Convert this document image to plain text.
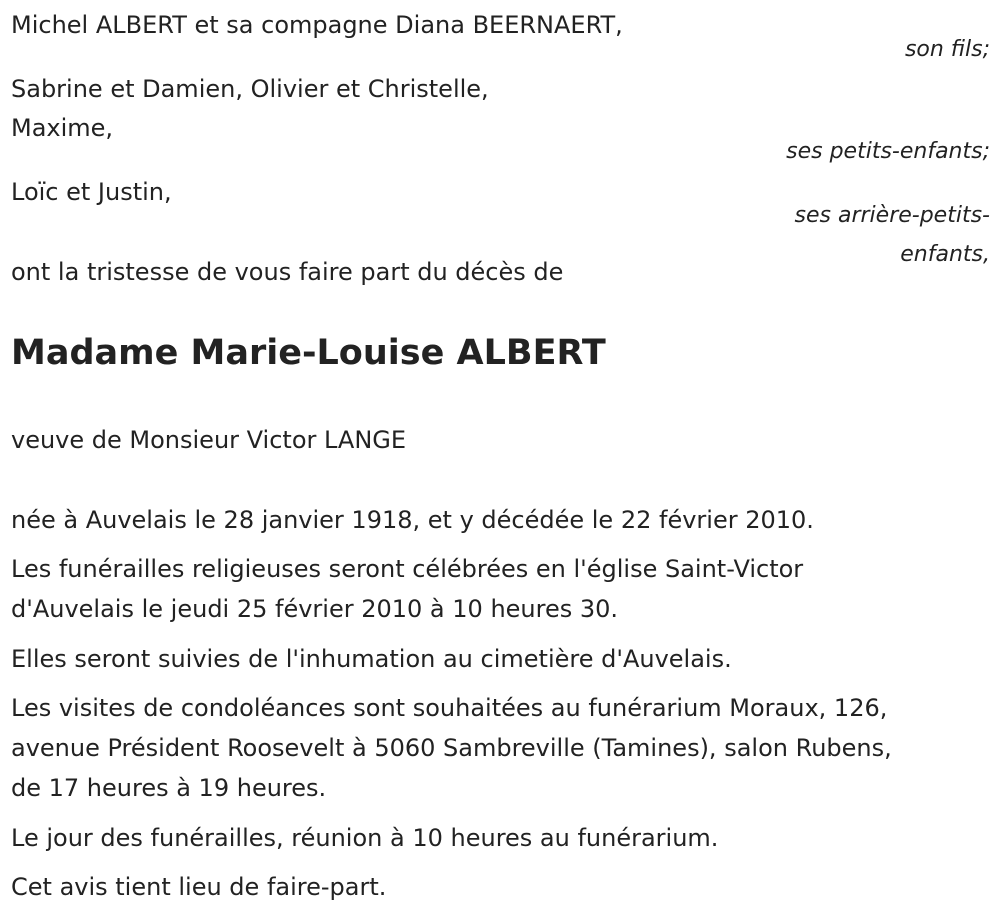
Michel ALBERT et sa compagne Diana BEERNAERT,
son fils;
Sabrine et Damien, Olivier et Christelle,
Maxime,
ses petits-enfants;
Loïc et Justin,
ses arrière-petits-
enfants,
ont la tristesse de vous faire part du décès de
Madame Marie-Louise ALBERT
veuve de Monsieur Victor LANGE
née à Auvelais le 28 janvier 1918, et y décédée le 22 février 2010.
Les funérailles religieuses seront célébrées en l'église Saint-Victor
d'Auvelais le jeudi 25 février 2010 à 10 heures 30.
Elles seront suivies de l'inhumation au cimetière d'Auvelais.
Les visites de condoléances sont souhaitées au funérarium Moraux, 126,
avenue Président Roosevelt à 5060 Sambreville (Tamines), salon Rubens,
de 17 heures à 19 heures.
Le jour des funérailles, réunion à 10 heures au funérarium.
Cet avis tient lieu de faire-part.
